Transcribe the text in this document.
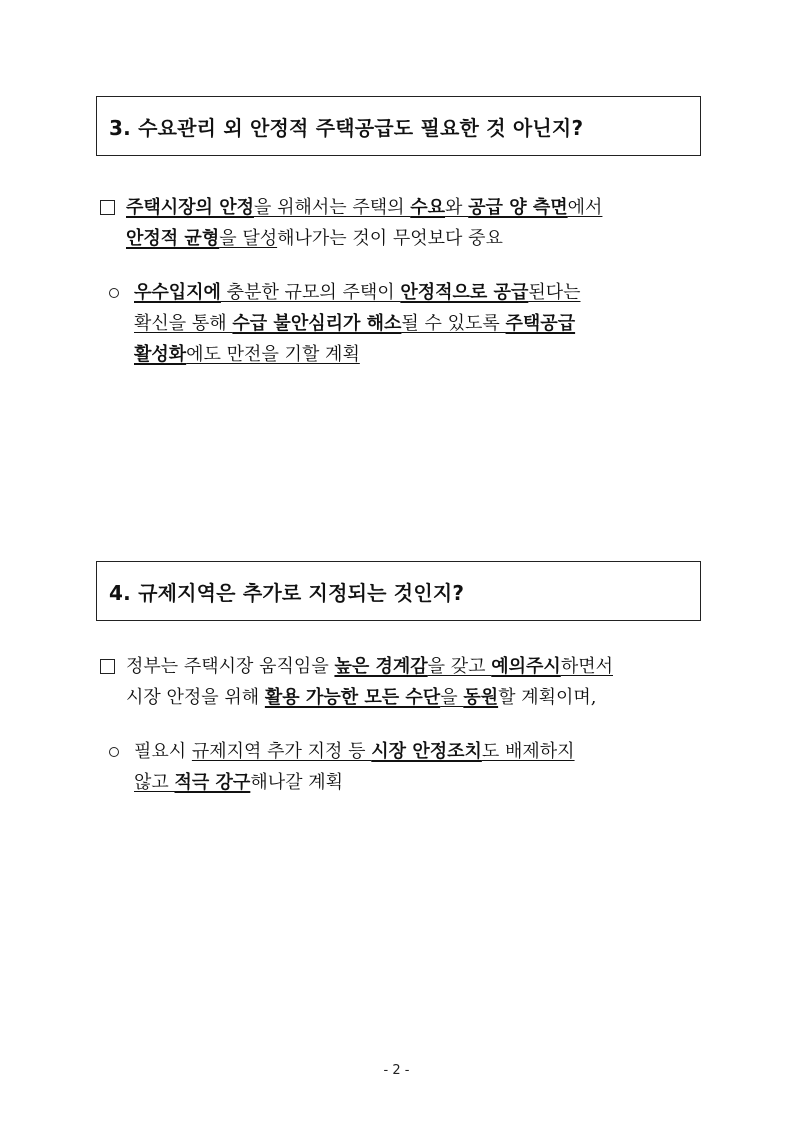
3. 수요관리 외 안정적 주택공급도 필요한 것 아닌지?
주택시장의 안정을 위해서는 주택의 수요와 공급 양 측면에서
안정적 균형을 달성해나가는 것이 무엇보다 중요
우수입지에 충분한 규모의 주택이 안정적으로 공급된다는
확신을 통해 수급 불안심리가 해소될 수 있도록 주택공급
활성화에도 만전을 기할 계획
4. 규제지역은 추가로 지정되는 것인지?
정부는 주택시장 움직임을 높은 경계감을 갖고 예의주시하면서
시장 안정을 위해 활용 가능한 모든 수단을 동원할 계획이며,
필요시 규제지역 추가 지정 등 시장 안정조치도 배제하지
않고 적극 강구해나갈 계획
- 2 -
